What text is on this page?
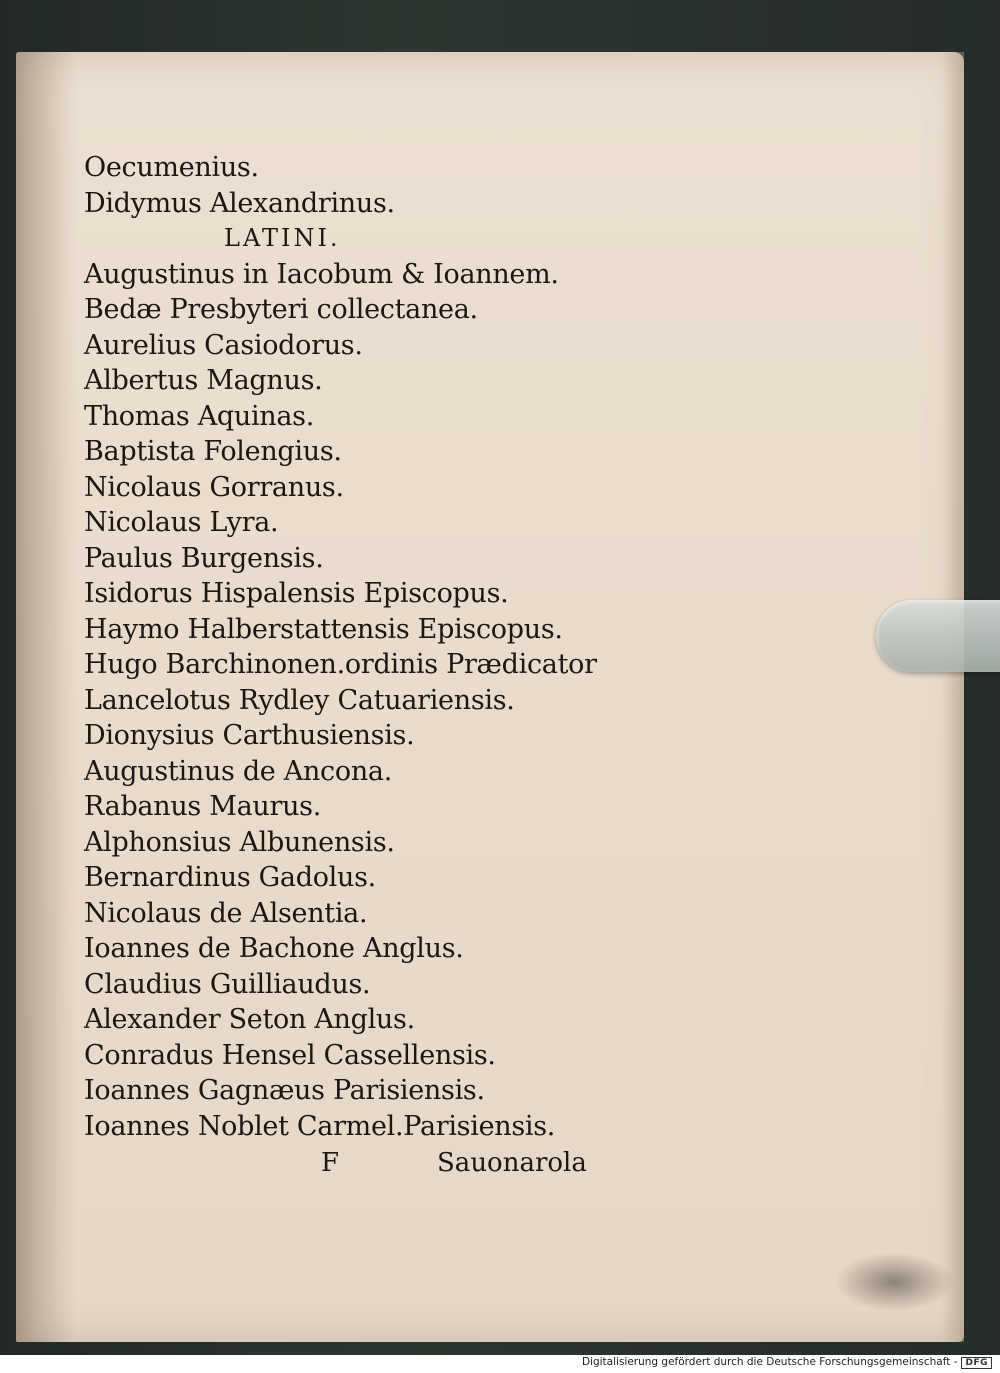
Oecumenius.
Didymus Alexandrinus.
LATINI.
Augustinus in Iacobum & Ioannem.
Bedæ Presbyteri collectanea.
Aurelius Casiodorus.
Albertus Magnus.
Thomas Aquinas.
Baptista Folengius.
Nicolaus Gorranus.
Nicolaus Lyra.
Paulus Burgensis.
Isidorus Hispalensis Episcopus.
Haymo Halberstattensis Episcopus.
Hugo Barchinonen.ordinis Prædicator
Lancelotus Rydley Catuariensis.
Dionysius Carthusiensis.
Augustinus de Ancona.
Rabanus Maurus.
Alphonsius Albunensis.
Bernardinus Gadolus.
Nicolaus de Alsentia.
Ioannes de Bachone Anglus.
Claudius Guilliaudus.
Alexander Seton Anglus.
Conradus Hensel Cassellensis.
Ioannes Gagnæus Parisiensis.
Ioannes Noblet Carmel.Parisiensis.
F	Sauonarola
Digitalisierung gefördert durch die Deutsche Forschungsgemeinschaft - DFG
